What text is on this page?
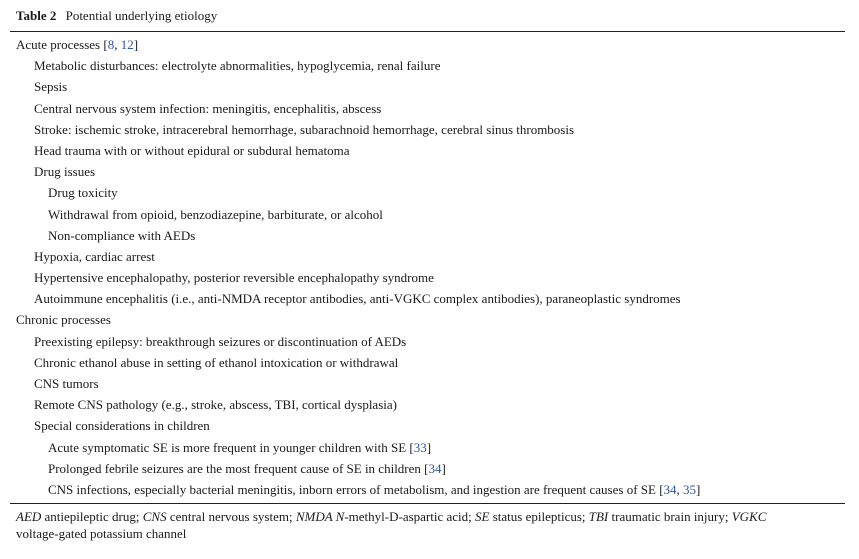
Table 2 Potential underlying etiology
Acute processes [8, 12]
Metabolic disturbances: electrolyte abnormalities, hypoglycemia, renal failure
Sepsis
Central nervous system infection: meningitis, encephalitis, abscess
Stroke: ischemic stroke, intracerebral hemorrhage, subarachnoid hemorrhage, cerebral sinus thrombosis
Head trauma with or without epidural or subdural hematoma
Drug issues
Drug toxicity
Withdrawal from opioid, benzodiazepine, barbiturate, or alcohol
Non-compliance with AEDs
Hypoxia, cardiac arrest
Hypertensive encephalopathy, posterior reversible encephalopathy syndrome
Autoimmune encephalitis (i.e., anti-NMDA receptor antibodies, anti-VGKC complex antibodies), paraneoplastic syndromes
Chronic processes
Preexisting epilepsy: breakthrough seizures or discontinuation of AEDs
Chronic ethanol abuse in setting of ethanol intoxication or withdrawal
CNS tumors
Remote CNS pathology (e.g., stroke, abscess, TBI, cortical dysplasia)
Special considerations in children
Acute symptomatic SE is more frequent in younger children with SE [33]
Prolonged febrile seizures are the most frequent cause of SE in children [34]
CNS infections, especially bacterial meningitis, inborn errors of metabolism, and ingestion are frequent causes of SE [34, 35]
AED antiepileptic drug; CNS central nervous system; NMDA N-methyl-D-aspartic acid; SE status epilepticus; TBI traumatic brain injury; VGKC
voltage-gated potassium channel
